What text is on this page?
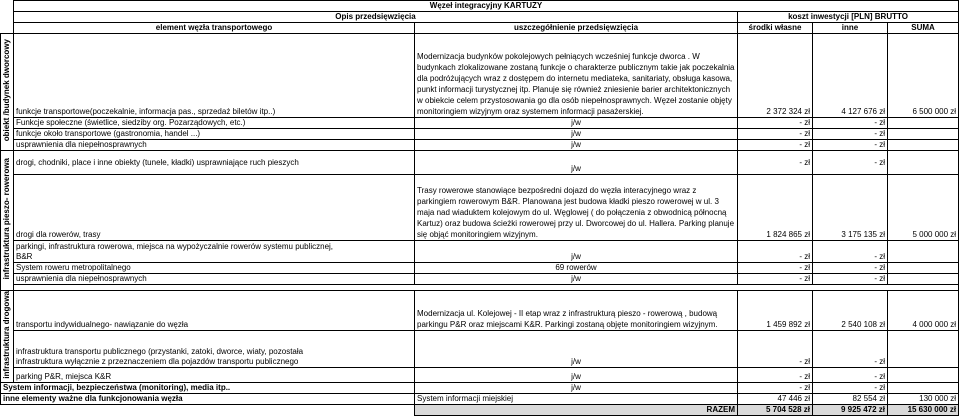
	Węzeł integracyjny KARTUZY				
	Opis przedsięwzięcia		koszt inwestycji [PLN] BRUTTO		
	element węzła transportowego	uszczegółnienie przedsięwzięcia	środki własne	inne	SUMA
obiekt /budynek dworcowy	funkcje transportowe(poczekalnie, informacja pas., sprzedaż biletów itp..)	Modernizacja budynków pokolejowych pełniących wcześniej funkcje dworca . W budynkach zlokalizowane zostaną funkcje o charakterze publicznym takie jak poczekalnia dla podróżujących wraz z dostępem do internetu mediateka, sanitariaty, obsługa kasowa, punkt informacji turystycznej itp. Planuje się również zniesienie barier architektonicznych w obiekcie celem przystosowania go dla osób niepełnosprawnych. Węzeł zostanie objęty monitoringiem wizyjnym oraz systemem informacji pasażerskiej.	2 372 324 zł	4 127 676 zł	6 500 000 zł
	Funkcje społeczne (świetlice, siedziby org. Pozarządowych, etc.)	j/w	- zł	- zł	
	funkcje około transportowe (gastronomia, handel ...)	j/w	- zł	- zł	
	usprawnienia dla niepełnosprawnych	j/w	- zł	- zł	
infrastruktura pieszo- rowerowa	drogi, chodniki, place i inne obiekty (tunele, kładki) usprawniające ruch pieszych	j/w	- zł	- zł	
	drogi dla rowerów, trasy	Trasy rowerowe stanowiące bezpośredni dojazd do węzła interacyjnego wraz z parkingiem rowerowym B&R. Planowana jest budowa kładki pieszo rowerowej w ul. 3 maja nad wiaduktem kolejowym do ul. Węglowej ( do połączenia z obwodnicą północną Kartuz) oraz budowa ścieżki rowerowej przy ul. Dworcowej do ul. Hallera. Parking planuje się objąć monitoringiem wizyjnym.	1 824 865 zł	3 175 135 zł	5 000 000 zł

	parkingi, infrastruktura rowerowa, miejsca na wypożyczalnie rowerów systemu publicznej,
B&R	j/w	- zł	- zł	
	System roweru metropolitalnego	69 rowerów	- zł	- zł	
	usprawnienia dla niepełnosprawnych	j/w	- zł	- zł	

infrastruktura drogowa	transportu indywidualnego- nawiązanie do węzła	Modernizacja ul. Kolejowej - II etap wraz z infrastrukturą pieszo - rowerową , budową parkingu P&R oraz miejscami K&R. Parkingi zostaną objęte monitoringiem wizyjnym.	1 459 892 zł	2 540 108 zł	4 000 000 zł

	infrastruktura transportu publicznego (przystanki, zatoki, dworce, wiaty, pozostała
infrastruktura wyłącznie z przeznaczeniem dla pojazdów transportu publicznego	j/w	- zł	- zł	
	parking P&R, miejsca K&R	j/w	- zł	- zł	
System informacji, bezpieczeństwa (monitoring), media itp..		j/w	- zł	- zł	
inne elementy ważne dla funkcjonowania węzła		System informacji miejskiej	47 446 zł	82 554 zł	130 000 zł
		RAZEM	5 704 528 zł	9 925 472 zł	15 630 000 zł
